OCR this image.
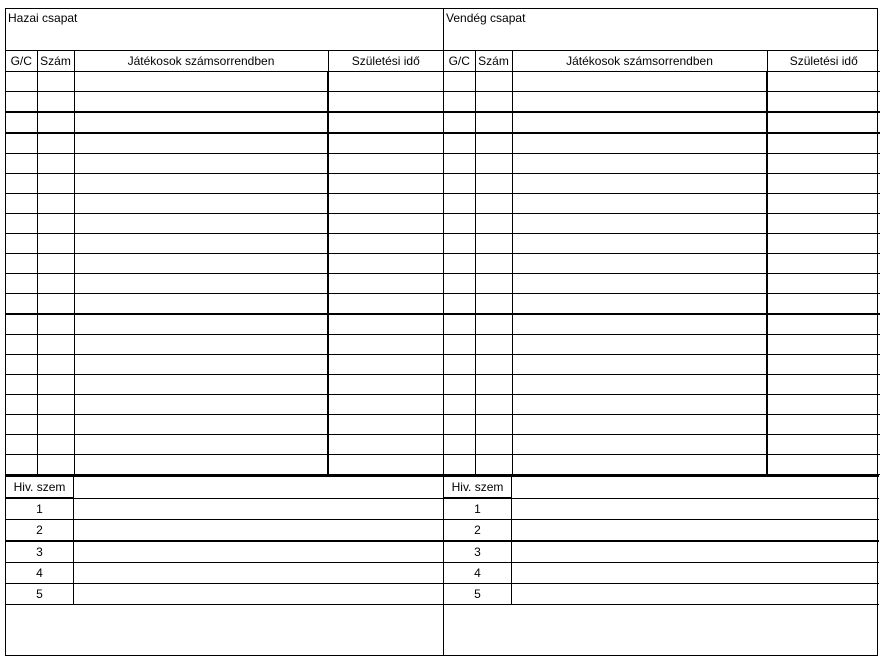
Hazai csapat
G/C	Szám	Játékosok számsorrendben	Születési idő

Hiv. szem	
1	
2	
3	
4	
5	

Vendég csapat
G/C	Szám	Játékosok számsorrendben	Születési idő

Hiv. szem	
1	
2	
3	
4	
5	
